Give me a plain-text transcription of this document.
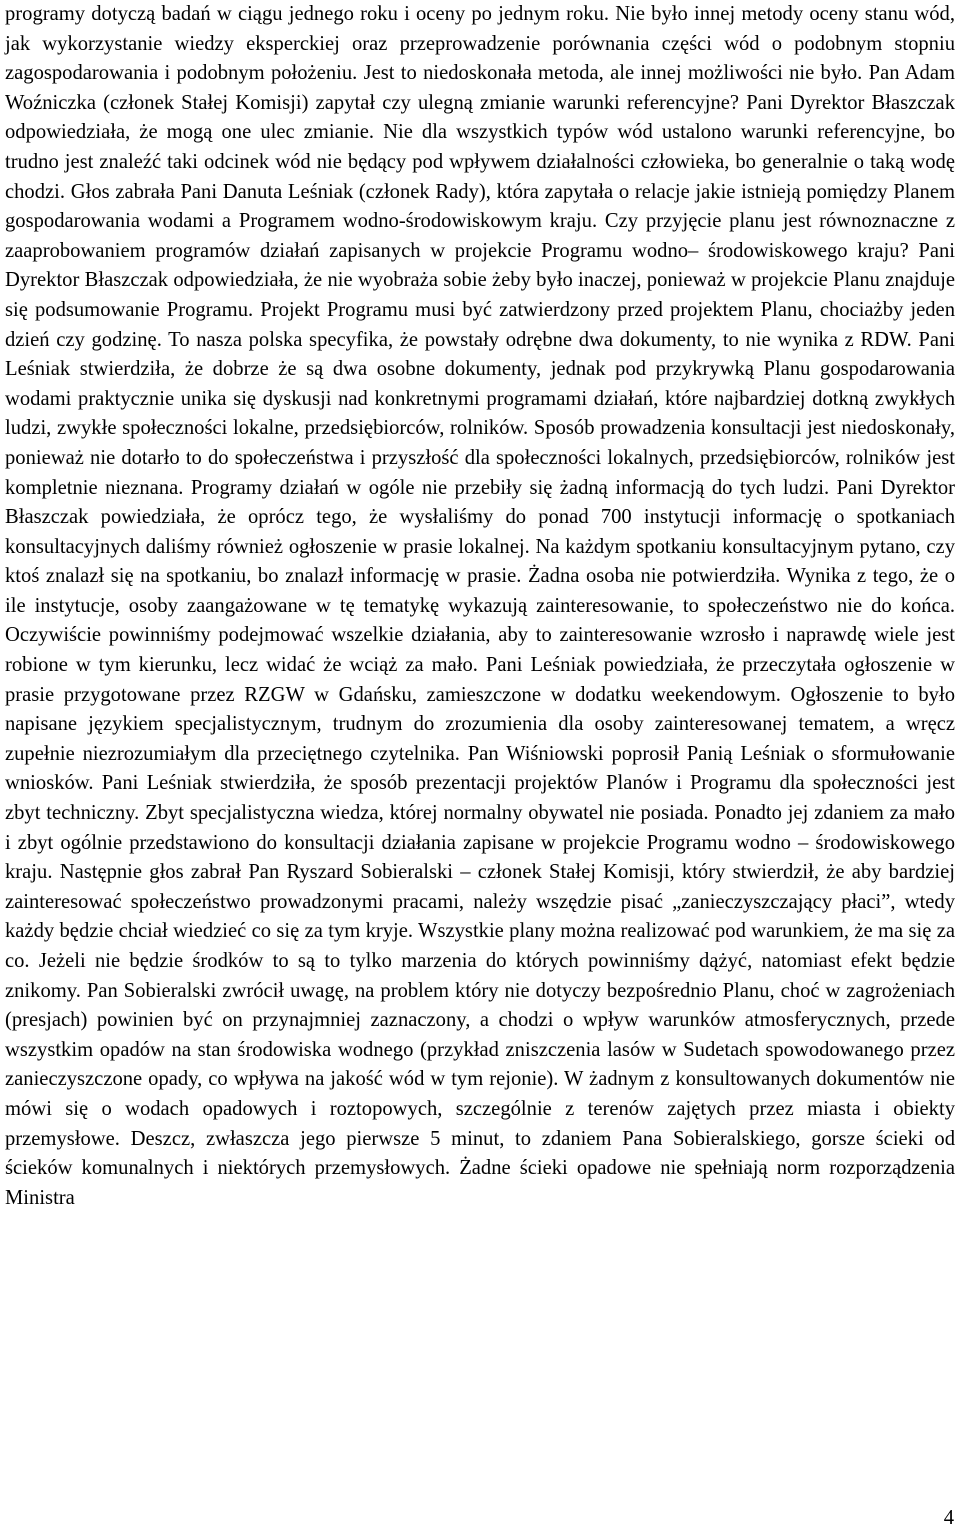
programy dotyczą badań w ciągu jednego roku i oceny po jednym roku. Nie było innej metody oceny stanu wód, jak wykorzystanie wiedzy eksperckiej oraz przeprowadzenie porównania części wód o podobnym stopniu zagospodarowania i podobnym położeniu. Jest to niedoskonała metoda, ale innej możliwości nie było. Pan Adam Woźniczka (członek Stałej Komisji) zapytał czy ulegną zmianie warunki referencyjne? Pani Dyrektor Błaszczak odpowiedziała, że mogą one ulec zmianie. Nie dla wszystkich typów wód ustalono warunki referencyjne, bo trudno jest znaleźć taki odcinek wód nie będący pod wpływem działalności człowieka, bo generalnie o taką wodę chodzi. Głos zabrała Pani Danuta Leśniak (członek Rady), która zapytała o relacje jakie istnieją pomiędzy Planem gospodarowania wodami a Programem wodno-środowiskowym kraju. Czy przyjęcie planu jest równoznaczne z zaaprobowaniem programów działań zapisanych w projekcie Programu wodno– środowiskowego kraju? Pani Dyrektor Błaszczak odpowiedziała, że nie wyobraża sobie żeby było inaczej, ponieważ w projekcie Planu znajduje się podsumowanie Programu. Projekt Programu musi być zatwierdzony przed projektem Planu, chociażby jeden dzień czy godzinę. To nasza polska specyfika, że powstały odrębne dwa dokumenty, to nie wynika z RDW. Pani Leśniak stwierdziła, że dobrze że są dwa osobne dokumenty, jednak pod przykrywką Planu gospodarowania wodami praktycznie unika się dyskusji nad konkretnymi programami działań, które najbardziej dotkną zwykłych ludzi, zwykłe społeczności lokalne, przedsiębiorców, rolników. Sposób prowadzenia konsultacji jest niedoskonały, ponieważ nie dotarło to do społeczeństwa i przyszłość dla społeczności lokalnych, przedsiębiorców, rolników jest kompletnie nieznana. Programy działań w ogóle nie przebiły się żadną informacją do tych ludzi. Pani Dyrektor Błaszczak powiedziała, że oprócz tego, że wysłaliśmy do ponad 700 instytucji informację o spotkaniach konsultacyjnych daliśmy również ogłoszenie w prasie lokalnej. Na każdym spotkaniu konsultacyjnym pytano, czy ktoś znalazł się na spotkaniu, bo znalazł informację w prasie. Żadna osoba nie potwierdziła. Wynika z tego, że o ile instytucje, osoby zaangażowane w tę tematykę wykazują zainteresowanie, to społeczeństwo nie do końca. Oczywiście powinniśmy podejmować wszelkie działania, aby to zainteresowanie wzrosło i naprawdę wiele jest robione w tym kierunku, lecz widać że wciąż za mało. Pani Leśniak powiedziała, że przeczytała ogłoszenie w prasie przygotowane przez RZGW w Gdańsku, zamieszczone w dodatku weekendowym. Ogłoszenie to było napisane językiem specjalistycznym, trudnym do zrozumienia dla osoby zainteresowanej tematem, a wręcz zupełnie niezrozumiałym dla przeciętnego czytelnika. Pan Wiśniowski poprosił Panią Leśniak o sformułowanie wniosków. Pani Leśniak stwierdziła, że sposób prezentacji projektów Planów i Programu dla społeczności jest zbyt techniczny. Zbyt specjalistyczna wiedza, której normalny obywatel nie posiada. Ponadto jej zdaniem za mało i zbyt ogólnie przedstawiono do konsultacji działania zapisane w projekcie Programu wodno – środowiskowego kraju. Następnie głos zabrał Pan Ryszard Sobieralski – członek Stałej Komisji, który stwierdził, że aby bardziej zainteresować społeczeństwo prowadzonymi pracami, należy wszędzie pisać „zanieczyszczający płaci”, wtedy każdy będzie chciał wiedzieć co się za tym kryje. Wszystkie plany można realizować pod warunkiem, że ma się za co. Jeżeli nie będzie środków to są to tylko marzenia do których powinniśmy dążyć, natomiast efekt będzie znikomy. Pan Sobieralski zwrócił uwagę, na problem który nie dotyczy bezpośrednio Planu, choć w zagrożeniach (presjach) powinien być on przynajmniej zaznaczony, a chodzi o wpływ warunków atmosferycznych, przede wszystkim opadów na stan środowiska wodnego (przykład zniszczenia lasów w Sudetach spowodowanego przez zanieczyszczone opady, co wpływa na jakość wód w tym rejonie). W żadnym z konsultowanych dokumentów nie mówi się o wodach opadowych i roztopowych, szczególnie z terenów zajętych przez miasta i obiekty przemysłowe. Deszcz, zwłaszcza jego pierwsze 5 minut, to zdaniem Pana Sobieralskiego, gorsze ścieki od ścieków komunalnych i niektórych przemysłowych. Żadne ścieki opadowe nie spełniają norm rozporządzenia Ministra

4
